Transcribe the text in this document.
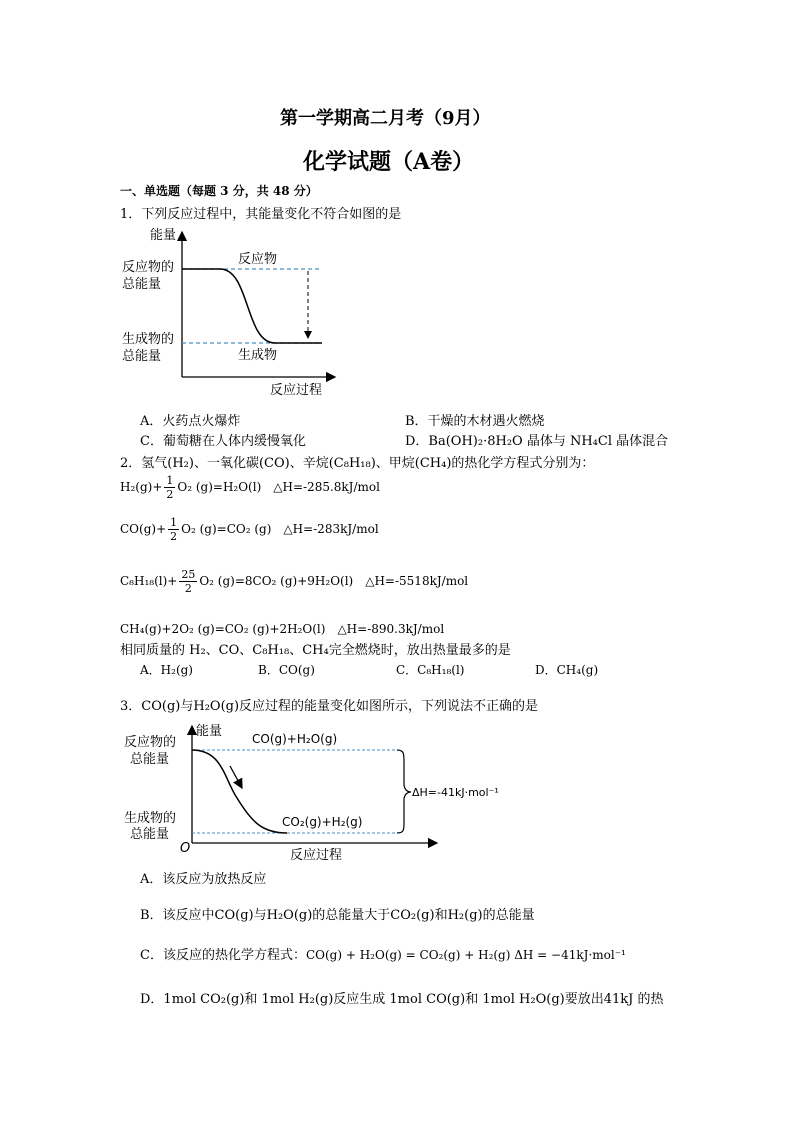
第一学期高二月考（9月）
化学试题（A卷）
一、单选题（每题 3 分，共 48 分）
1．下列反应过程中，其能量变化不符合如图的是
能量
反应过程
反应物的
总能量
生成物的
总能量
反应物
生成物
A．火药点火爆炸	B．干燥的木材遇火燃烧
C．葡萄糖在人体内缓慢氧化	D．Ba(OH)₂·8H₂O 晶体与 NH₄Cl 晶体混合
2．氢气(H₂)、一氧化碳(CO)、辛烷(C₈H₁₈)、甲烷(CH₄)的热化学方程式分别为：
$H_2(g)+ \frac{1}{2} O_2$ (g)=H₂O(l)　△H=-285.8kJ/mol
$CO(g)+ \frac{1}{2} O_2$ (g)=CO₂ (g)　△H=-283kJ/mol
$C_8H_{18}(l)+ \frac{25}{2} O_2$ (g)=8CO₂ (g)+9H₂O(l)　△H=-5518kJ/mol
CH₄(g)+2O₂ (g)=CO₂ (g)+2H₂O(l)　△H=-890.3kJ/mol
相同质量的 H₂、CO、C₈H₁₈、CH₄完全燃烧时，放出热量最多的是
A．H₂(g)	B．CO(g)	C．C₈H₁₈(l)	D．CH₄(g)
3．CO(g)与H₂O(g)反应过程的能量变化如图所示，下列说法不正确的是
能量
反应过程
O
反应物的
总能量
生成物的
总能量
CO(g)+H₂O(g)
CO₂(g)+H₂(g)
ΔH=-41kJ·mol⁻¹
A．该反应为放热反应
B．该反应中CO(g)与H₂O(g)的总能量大于CO₂(g)和H₂(g)的总能量
C．该反应的热化学方程式：CO(g) + H₂O(g) = CO₂(g) + H₂(g) ΔH = −41kJ·mol⁻¹
D．1mol CO₂(g)和 1mol H₂(g)反应生成 1mol CO(g)和 1mol H₂O(g)要放出41kJ 的热
